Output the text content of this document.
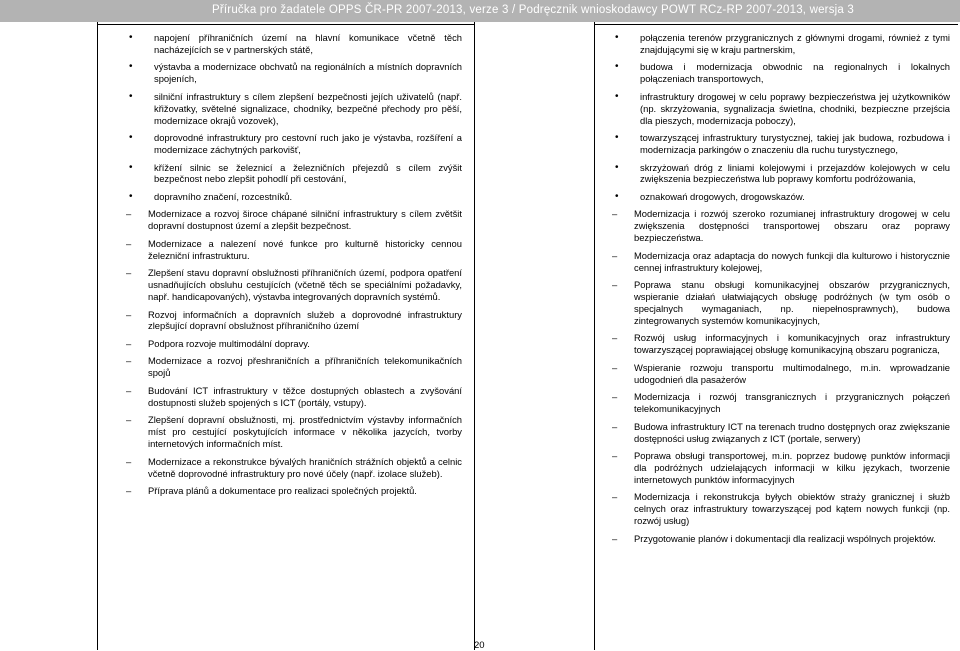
Příručka pro žadatele OPPS ČR-PR 2007-2013, verze 3 / Podręcznik wnioskodawcy POWT RCz-RP 2007-2013, wersja 3
• napojení příhraničních území na hlavní komunikace včetně těch nacházejících se v partnerských státě,
• výstavba a modernizace obchvatů na regionálních a místních dopravních spojeních,
• silniční infrastruktury s cílem zlepšení bezpečnosti jejích uživatelů (např. křižovatky, světelné signalizace, chodníky, bezpečné přechody pro pěší, modernizace okrajů vozovek),
• doprovodné infrastruktury pro cestovní ruch jako je výstavba, rozšíření a modernizace záchytných parkovišť,
• křížení silnic se železnicí a železničních přejezdů s cílem zvýšit bezpečnost nebo zlepšit pohodlí při cestování,
• dopravního značení, rozcestníků.
– Modernizace a rozvoj široce chápané silniční infrastruktury s cílem zvětšit dopravní dostupnost území a zlepšit bezpečnost.
– Modernizace a nalezení nové funkce pro kulturně historicky cennou železniční infrastrukturu.
– Zlepšení stavu dopravní obslužnosti příhraničních území, podpora opatření usnadňujících obsluhu cestujících (včetně těch se speciálními požadavky, např. handicapovaných), výstavba integrovaných dopravních systémů.
– Rozvoj informačních a dopravních služeb a doprovodné infrastruktury zlepšující dopravní obslužnost příhraničního území
– Podpora rozvoje multimodální dopravy.
– Modernizace a rozvoj přeshraničních a příhraničních telekomunikačních spojů
– Budování ICT infrastruktury v těžce dostupných oblastech a zvyšování dostupnosti služeb spojených s ICT (portály, vstupy).
– Zlepšení dopravní obslužnosti, mj. prostřednictvím výstavby informačních míst pro cestující poskytujících informace v několika jazycích, tvorby internetových informačních míst.
– Modernizace a rekonstrukce bývalých hraničních strážních objektů a celnic včetně doprovodné infrastruktury pro nové účely (např. izolace služeb).
– Příprava plánů a dokumentace pro realizaci společných projektů.
• połączenia terenów przygranicznych z głównymi drogami, również z tymi znajdującymi się w kraju partnerskim,
• budowa i modernizacja obwodnic na regionalnych i lokalnych połączeniach transportowych,
• infrastruktury drogowej w celu poprawy bezpieczeństwa jej użytkowników (np. skrzyżowania, sygnalizacja świetlna, chodniki, bezpieczne przejścia dla pieszych, modernizacja poboczy),
• towarzyszącej infrastruktury turystycznej, takiej jak budowa, rozbudowa i modernizacja parkingów o znaczeniu dla ruchu turystycznego,
• skrzyżowań dróg z liniami kolejowymi i przejazdów kolejowych w celu zwiększenia bezpieczeństwa lub poprawy komfortu podróżowania,
• oznakowań drogowych, drogowskazów.
– Modernizacja i rozwój szeroko rozumianej infrastruktury drogowej w celu zwiększenia dostępności transportowej obszaru oraz poprawy bezpieczeństwa.
– Modernizacja oraz adaptacja do nowych funkcji dla kulturowo i historycznie cennej infrastruktury kolejowej,
– Poprawa stanu obsługi komunikacyjnej obszarów przygranicznych, wspieranie działań ułatwiających obsługę podróżnych (w tym osób o specjalnych wymaganiach, np. niepełnosprawnych), budowa zintegrowanych systemów komunikacyjnych,
– Rozwój usług informacyjnych i komunikacyjnych oraz infrastruktury towarzyszącej poprawiającej obsługę komunikacyjną obszaru pogranicza,
– Wspieranie rozwoju transportu multimodalnego, m.in. wprowadzanie udogodnień dla pasażerów
– Modernizacja i rozwój transgranicznych i przygranicznych połączeń telekomunikacyjnych
– Budowa infrastruktury ICT na terenach trudno dostępnych oraz zwiększanie dostępności usług związanych z ICT (portale, serwery)
– Poprawa obsługi transportowej, m.in. poprzez budowę punktów informacji dla podróżnych udzielających informacji w kilku językach, tworzenie internetowych punktów informacyjnych
– Modernizacja i rekonstrukcja byłych obiektów straży granicznej i służb celnych oraz infrastruktury towarzyszącej pod kątem nowych funkcji (np. rozwój usług)
– Przygotowanie planów i dokumentacji dla realizacji wspólnych projektów.
20
